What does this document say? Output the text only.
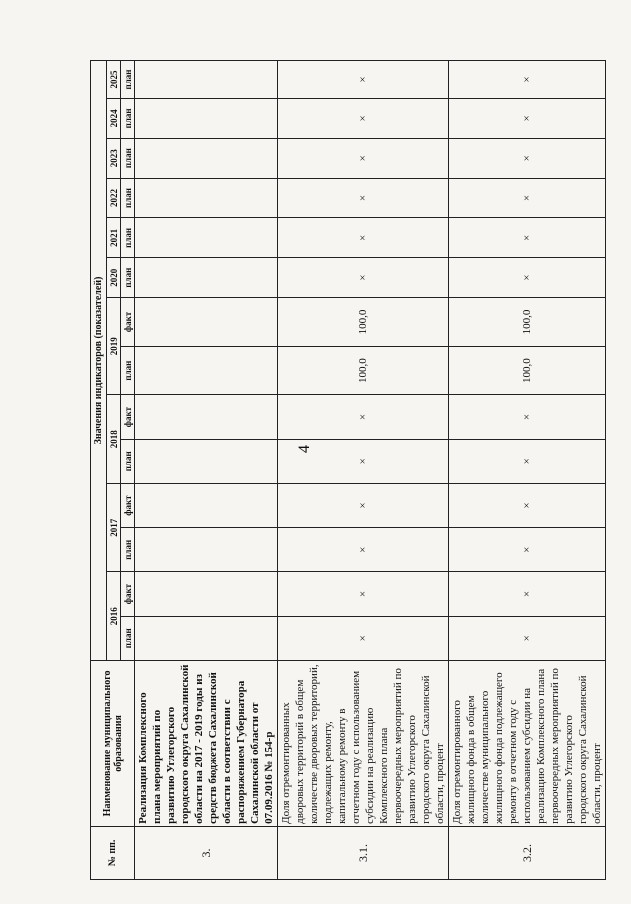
4
№ пп.	Наименование муниципального образования	Значения индикаторов (показателей)													
		2016		2017		2018		2019		2020	2021	2022	2023	2024	2025
		план	факт	план	факт	план	факт	план	факт	план	план	план	план	план	план
3.	Реализация Комплексного плана мероприятий по развитию Углегорского городского округа Сахалинской области на 2017 - 2019 годы из средств бюджета Сахалинской области в соответствии с распоряжением Губернатора Сахалинской области от 07.09.2016 № 154-р														
3.1.	Доля отремонтированных дворовых территорий в общем количестве дворовых территорий, подлежащих ремонту, капитальному ремонту в отчетном году с использованием субсидии на реализацию Комплексного плана первоочередных мероприятий по развитию Углегорского городского округа Сахалинской области, процент	×	×	×	×	×	×	100,0	100,0	×	×	×	×	×	×
3.2.	Доля отремонтированного жилищного фонда в общем количестве муниципального жилищного фонда подлежащего ремонту в отчетном году с использованием субсидии на реализацию Комплексного плана первоочередных мероприятий по развитию Углегорского городского округа Сахалинской области, процент	×	×	×	×	×	×	100,0	100,0	×	×	×	×	×	×
